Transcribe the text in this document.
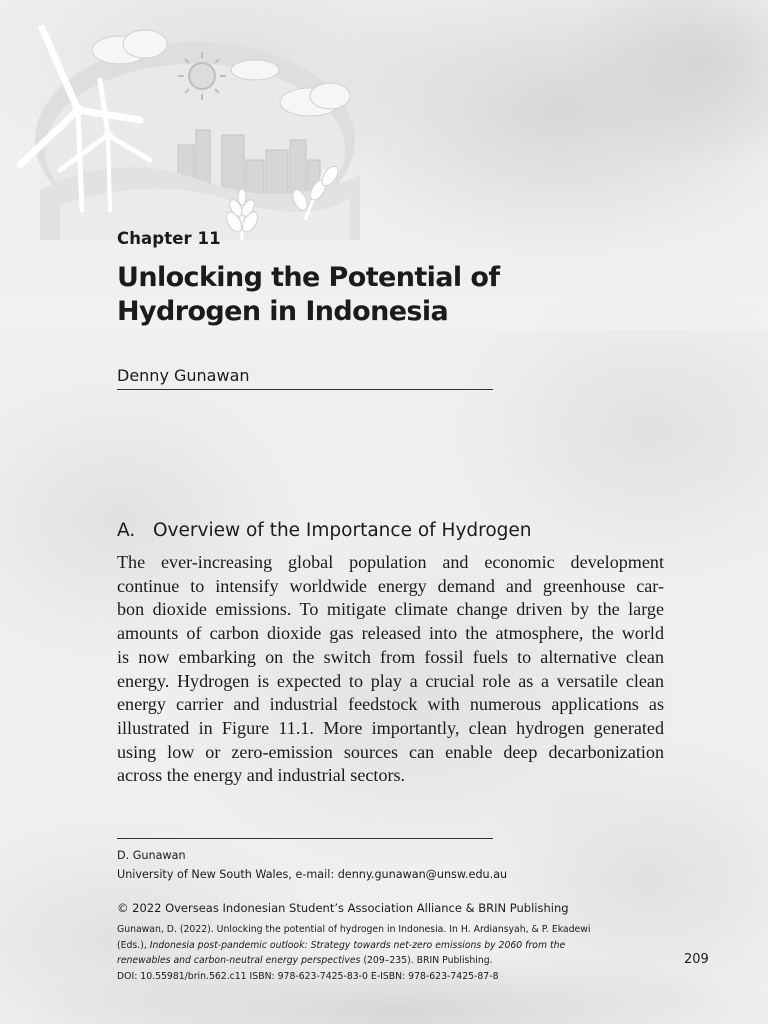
Chapter 11
Unlocking the Potential of
Hydrogen in Indonesia
Denny Gunawan
A. Overview of the Importance of Hydrogen
The ever-increasing global population and economic development
continue to intensify worldwide energy demand and greenhouse car-
bon dioxide emissions. To mitigate climate change driven by the large
amounts of carbon dioxide gas released into the atmosphere, the world
is now embarking on the switch from fossil fuels to alternative clean
energy. Hydrogen is expected to play a crucial role as a versatile clean
energy carrier and industrial feedstock with numerous applications as
illustrated in Figure 11.1. More importantly, clean hydrogen generated
using low or zero-emission sources can enable deep decarbonization
across the energy and industrial sectors.
D. Gunawan
University of New South Wales, e-mail: denny.gunawan@unsw.edu.au
© 2022 Overseas Indonesian Student’s Association Alliance & BRIN Publishing
Gunawan, D. (2022). Unlocking the potential of hydrogen in Indonesia. In H. Ardiansyah, & P. Ekadewi
(Eds.), Indonesia post-pandemic outlook: Strategy towards net-zero emissions by 2060 from the
renewables and carbon-neutral energy perspectives (209–235). BRIN Publishing.
DOI: 10.55981/brin.562.c11 ISBN: 978-623-7425-83-0 E-ISBN: 978-623-7425-87-8
209
